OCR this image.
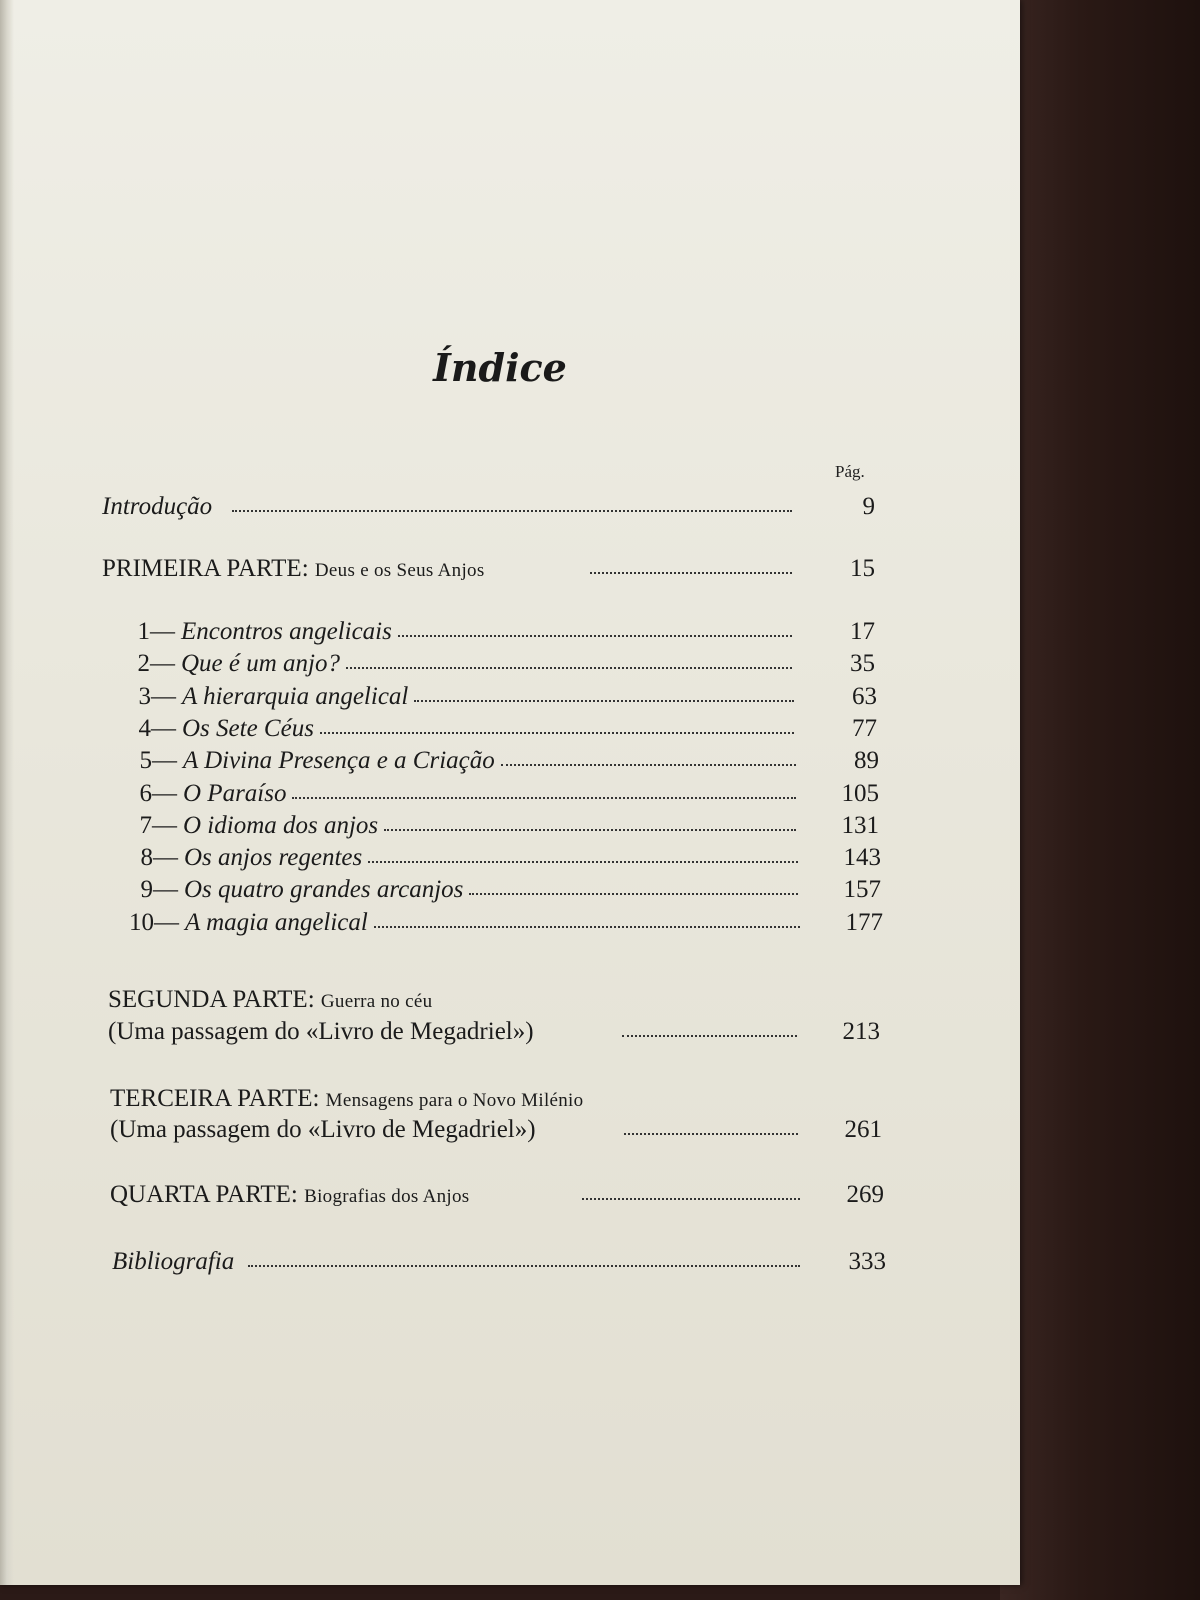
Índice
Pág.
Introdução	9
PRIMEIRA PARTE: Deus e os Seus Anjos	15
1— Encontros angelicais	17
2— Que é um anjo?	35
3— A hierarquia angelical	63
4— Os Sete Céus	77
5— A Divina Presença e a Criação	89
6— O Paraíso	105
7— O idioma dos anjos	131
8— Os anjos regentes	143
9— Os quatro grandes arcanjos	157
10— A magia angelical	177
SEGUNDA PARTE: Guerra no céu
(Uma passagem do «Livro de Megadriel»)	213
TERCEIRA PARTE: Mensagens para o Novo Milénio
(Uma passagem do «Livro de Megadriel»)	261
QUARTA PARTE: Biografias dos Anjos	269
Bibliografia	333
